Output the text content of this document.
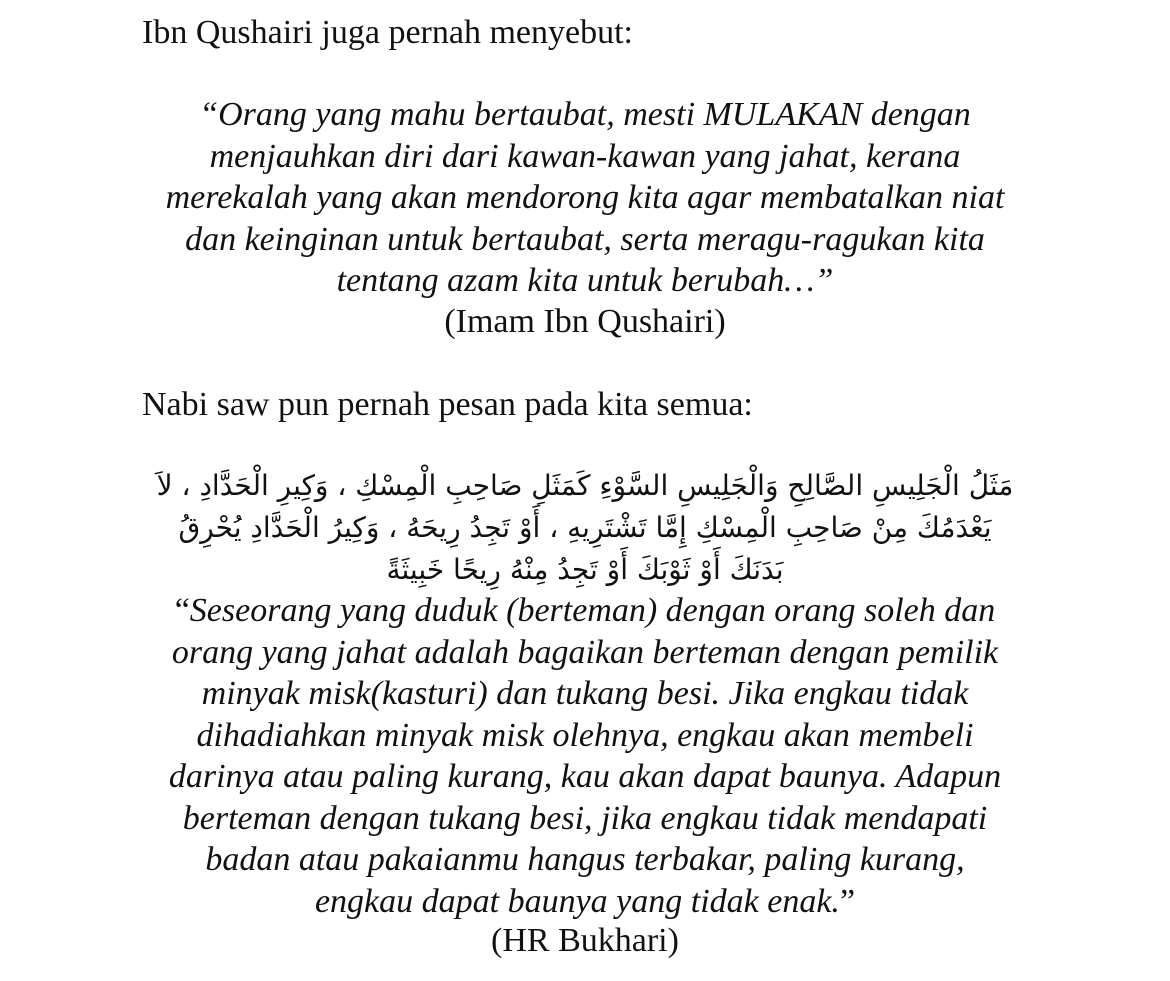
Ibn Qushairi juga pernah menyebut:

“Orang yang mahu bertaubat, mesti MULAKAN dengan

menjauhkan diri dari kawan-kawan yang jahat, kerana

merekalah yang akan mendorong kita agar membatalkan niat

dan keinginan untuk bertaubat, serta meragu-ragukan kita

tentang azam kita untuk berubah…”

(Imam Ibn Qushairi)
Nabi saw pun pernah pesan pada kita semua:

مَثَلُ الْجَلِيسِ الصَّالِحِ وَالْجَلِيسِ السَّوْءِ كَمَثَلِ صَاحِبِ الْمِسْكِ ، وَكِيرِ الْحَدَّادِ ، لاَ

يَعْدَمُكَ مِنْ صَاحِبِ الْمِسْكِ إِمَّا تَشْتَرِيهِ ، أَوْ تَجِدُ رِيحَهُ ، وَكِيرُ الْحَدَّادِ يُحْرِقُ

بَدَنَكَ أَوْ ثَوْبَكَ أَوْ تَجِدُ مِنْهُ رِيحًا خَبِيثَةً

“Seseorang yang duduk (berteman) dengan orang soleh dan

orang yang jahat adalah bagaikan berteman dengan pemilik

minyak misk(kasturi) dan tukang besi. Jika engkau tidak

dihadiahkan minyak misk olehnya, engkau akan membeli

darinya atau paling kurang, kau akan dapat baunya. Adapun

berteman dengan tukang besi, jika engkau tidak mendapati

badan atau pakaianmu hangus terbakar, paling kurang,

engkau dapat baunya yang tidak enak.”

(HR Bukhari)
